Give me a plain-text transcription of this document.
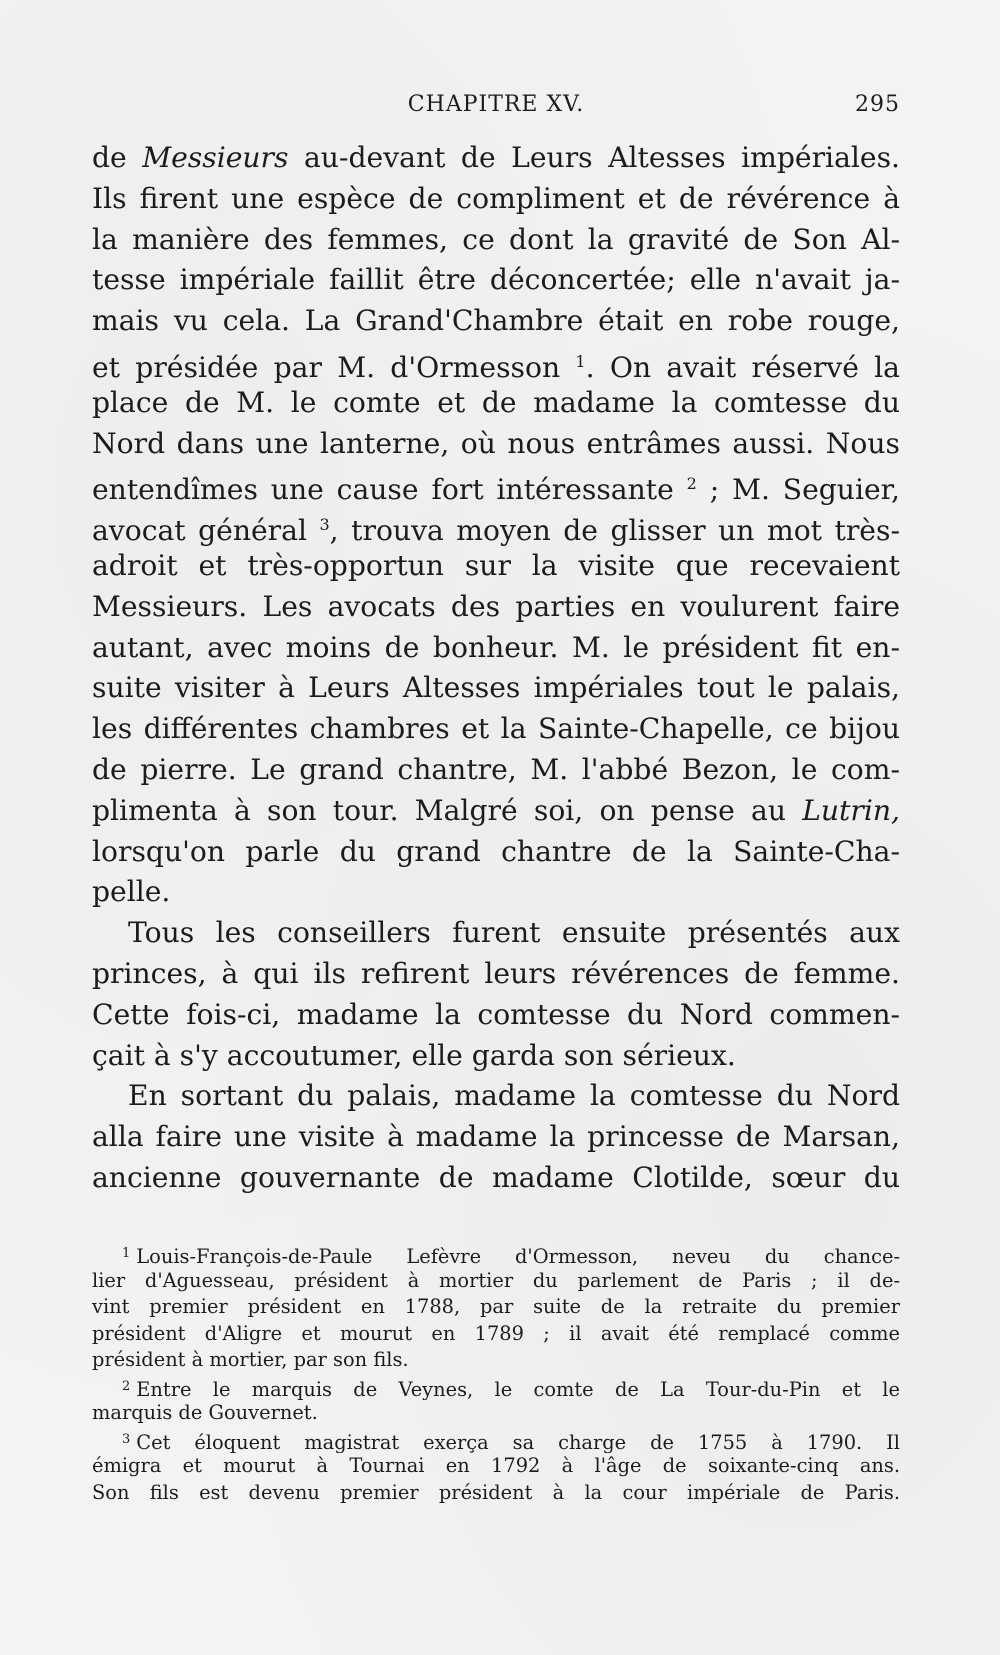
CHAPITRE XV.	295
de Messieurs au-devant de Leurs Altesses impériales.
Ils firent une espèce de compliment et de révérence à
la manière des femmes, ce dont la gravité de Son Al-
tesse impériale faillit être déconcertée; elle n'avait ja-
mais vu cela. La Grand'Chambre était en robe rouge,
et présidée par M. d'Ormesson $^1$. On avait réservé la
place de M. le comte et de madame la comtesse du
Nord dans une lanterne, où nous entrâmes aussi. Nous
entendîmes une cause fort intéressante $^2$ ; M. Seguier,
avocat général $^3$, trouva moyen de glisser un mot très-
adroit et très-opportun sur la visite que recevaient
Messieurs. Les avocats des parties en voulurent faire
autant, avec moins de bonheur. M. le président fit en-
suite visiter à Leurs Altesses impériales tout le palais,
les différentes chambres et la Sainte-Chapelle, ce bijou
de pierre. Le grand chantre, M. l'abbé Bezon, le com-
plimenta à son tour. Malgré soi, on pense au Lutrin,
lorsqu'on parle du grand chantre de la Sainte-Cha-
pelle.
Tous les conseillers furent ensuite présentés aux
princes, à qui ils refirent leurs révérences de femme.
Cette fois-ci, madame la comtesse du Nord commen-
çait à s'y accoutumer, elle garda son sérieux.
En sortant du palais, madame la comtesse du Nord
alla faire une visite à madame la princesse de Marsan,
ancienne gouvernante de madame Clotilde, sœur du
$^1$ Louis-François-de-Paule Lefèvre d'Ormesson, neveu du chance-
lier d'Aguesseau, président à mortier du parlement de Paris ; il de-
vint premier président en 1788, par suite de la retraite du premier
président d'Aligre et mourut en 1789 ; il avait été remplacé comme
président à mortier, par son fils.
$^2$ Entre le marquis de Veynes, le comte de La Tour-du-Pin et le
marquis de Gouvernet.
$^3$ Cet éloquent magistrat exerça sa charge de 1755 à 1790. Il
émigra et mourut à Tournai en 1792 à l'âge de soixante-cinq ans.
Son fils est devenu premier président à la cour impériale de Paris.
